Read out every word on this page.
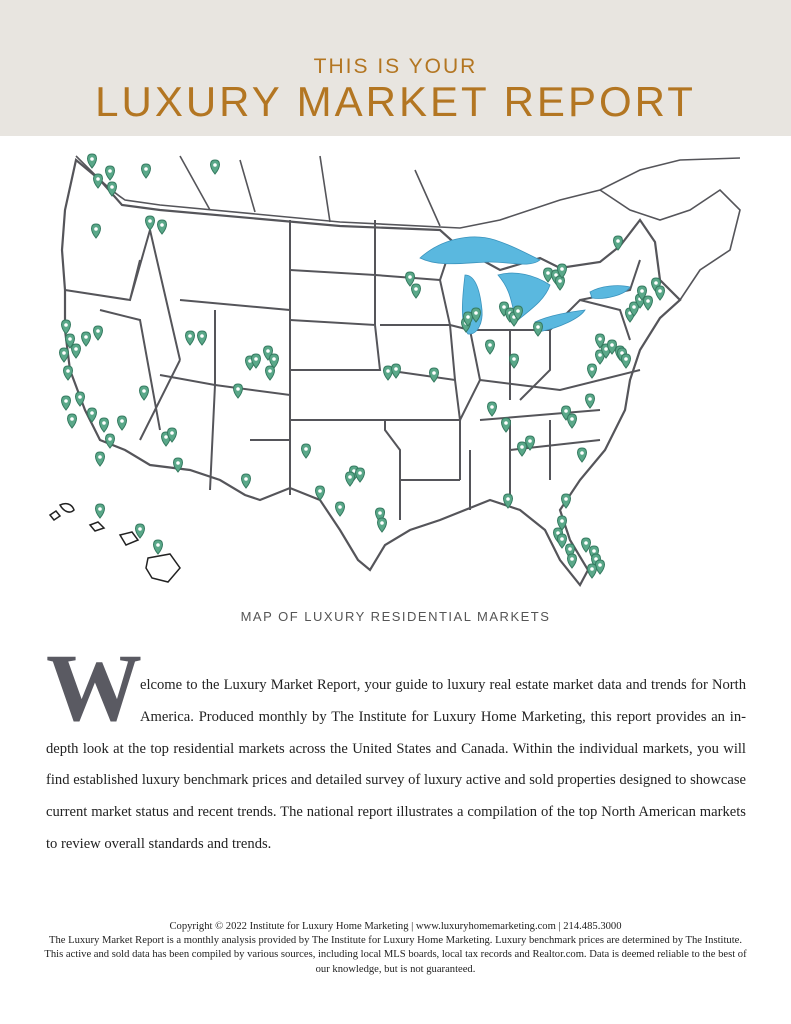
THIS IS YOUR
LUXURY MARKET REPORT
MAP OF LUXURY RESIDENTIAL MARKETS
W
elcome to the Luxury Market Report, your guide to luxury real estate market data and trends for North America. Produced monthly by The Institute for Luxury Home Marketing, this report provides an in-depth look at the top residential markets across the United States and Canada. Within the individual markets, you will find established luxury benchmark prices and detailed survey of luxury active and sold properties designed to showcase current market status and recent trends. The national report illustrates a compilation of the top North American markets to review overall standards and trends.
Copyright © 2022 Institute for Luxury Home Marketing | www.luxuryhomemarketing.com | 214.485.3000
The Luxury Market Report is a monthly analysis provided by The Institute for Luxury Home Marketing. Luxury benchmark prices are determined by The Institute. This active and sold data has been compiled by various sources, including local MLS boards, local tax records and Realtor.com. Data is deemed reliable to the best of our knowledge, but is not guaranteed.
